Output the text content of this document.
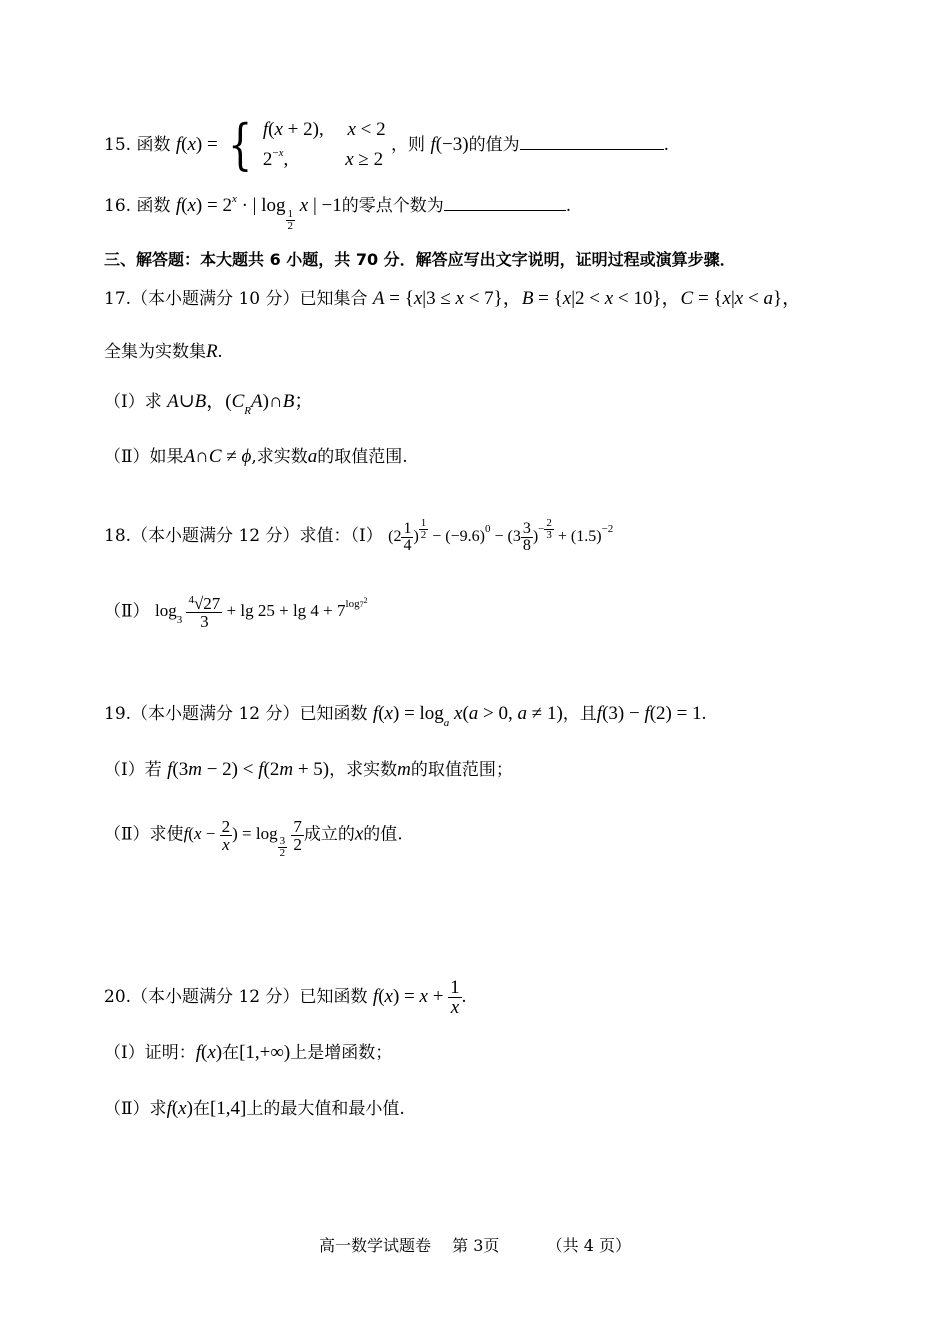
15. 函数 f(x) = { f(x + 2),     x < 2
$2^{-x}$,            x ≥ 2
，则 f(−3)的值为	.
16. 函数 $f(x) = 2^x$ · | log
$\frac{1}{2}$
x | −1的零点个数为	.
三、解答题：本大题共 6 小题，共 70 分．解答应写出文字说明，证明过程或演算步骤．
17.（本小题满分 10 分）已知集合 A = {x|3 ≤ x < 7}，B = {x|2 < x < 10}，C = {x|x < a}，
全集为实数集R.
（Ⅰ）求 A∪B，$(C_RA)\cap B$；
（Ⅱ）如果A∩C ≠ ϕ,求实数a的取值范围.
18.（本小题满分 12 分）求值：（Ⅰ） ($2 \frac{1}{4}$ ) $^{\frac{1}{2}} - (-9.6)^0 - (3 \frac{3}{8} )^{- \frac{2}{3}} + (1.5)^{-2}$
（Ⅱ） $\log_3 \frac{^4√27}{3} + \lg 25 + \lg 4 + 7^{log7^2}$
19.（本小题满分 12 分）已知函数 $f(x) = \log_a x(a > 0$, a ≠ 1)，且f(3) − f(2) = 1.
（Ⅰ）若 f(3m − 2) < f(2m + 5)，求实数m的取值范围；
（Ⅱ）求使$f(x - \frac{2}{x}$ ) = log
$\frac{3}{2}$
$\frac{7}{2}$ 成立的x的值.
20.（本小题满分 12 分）已知函数 $f(x) = x + \frac{1}{x}$ .
（Ⅰ）证明：f(x)在[1,+∞)上是增函数；
（Ⅱ）求f(x)在[1,4]上的最大值和最小值.
高一数学试题卷　 第 3页 　 　 （共 4 页）
